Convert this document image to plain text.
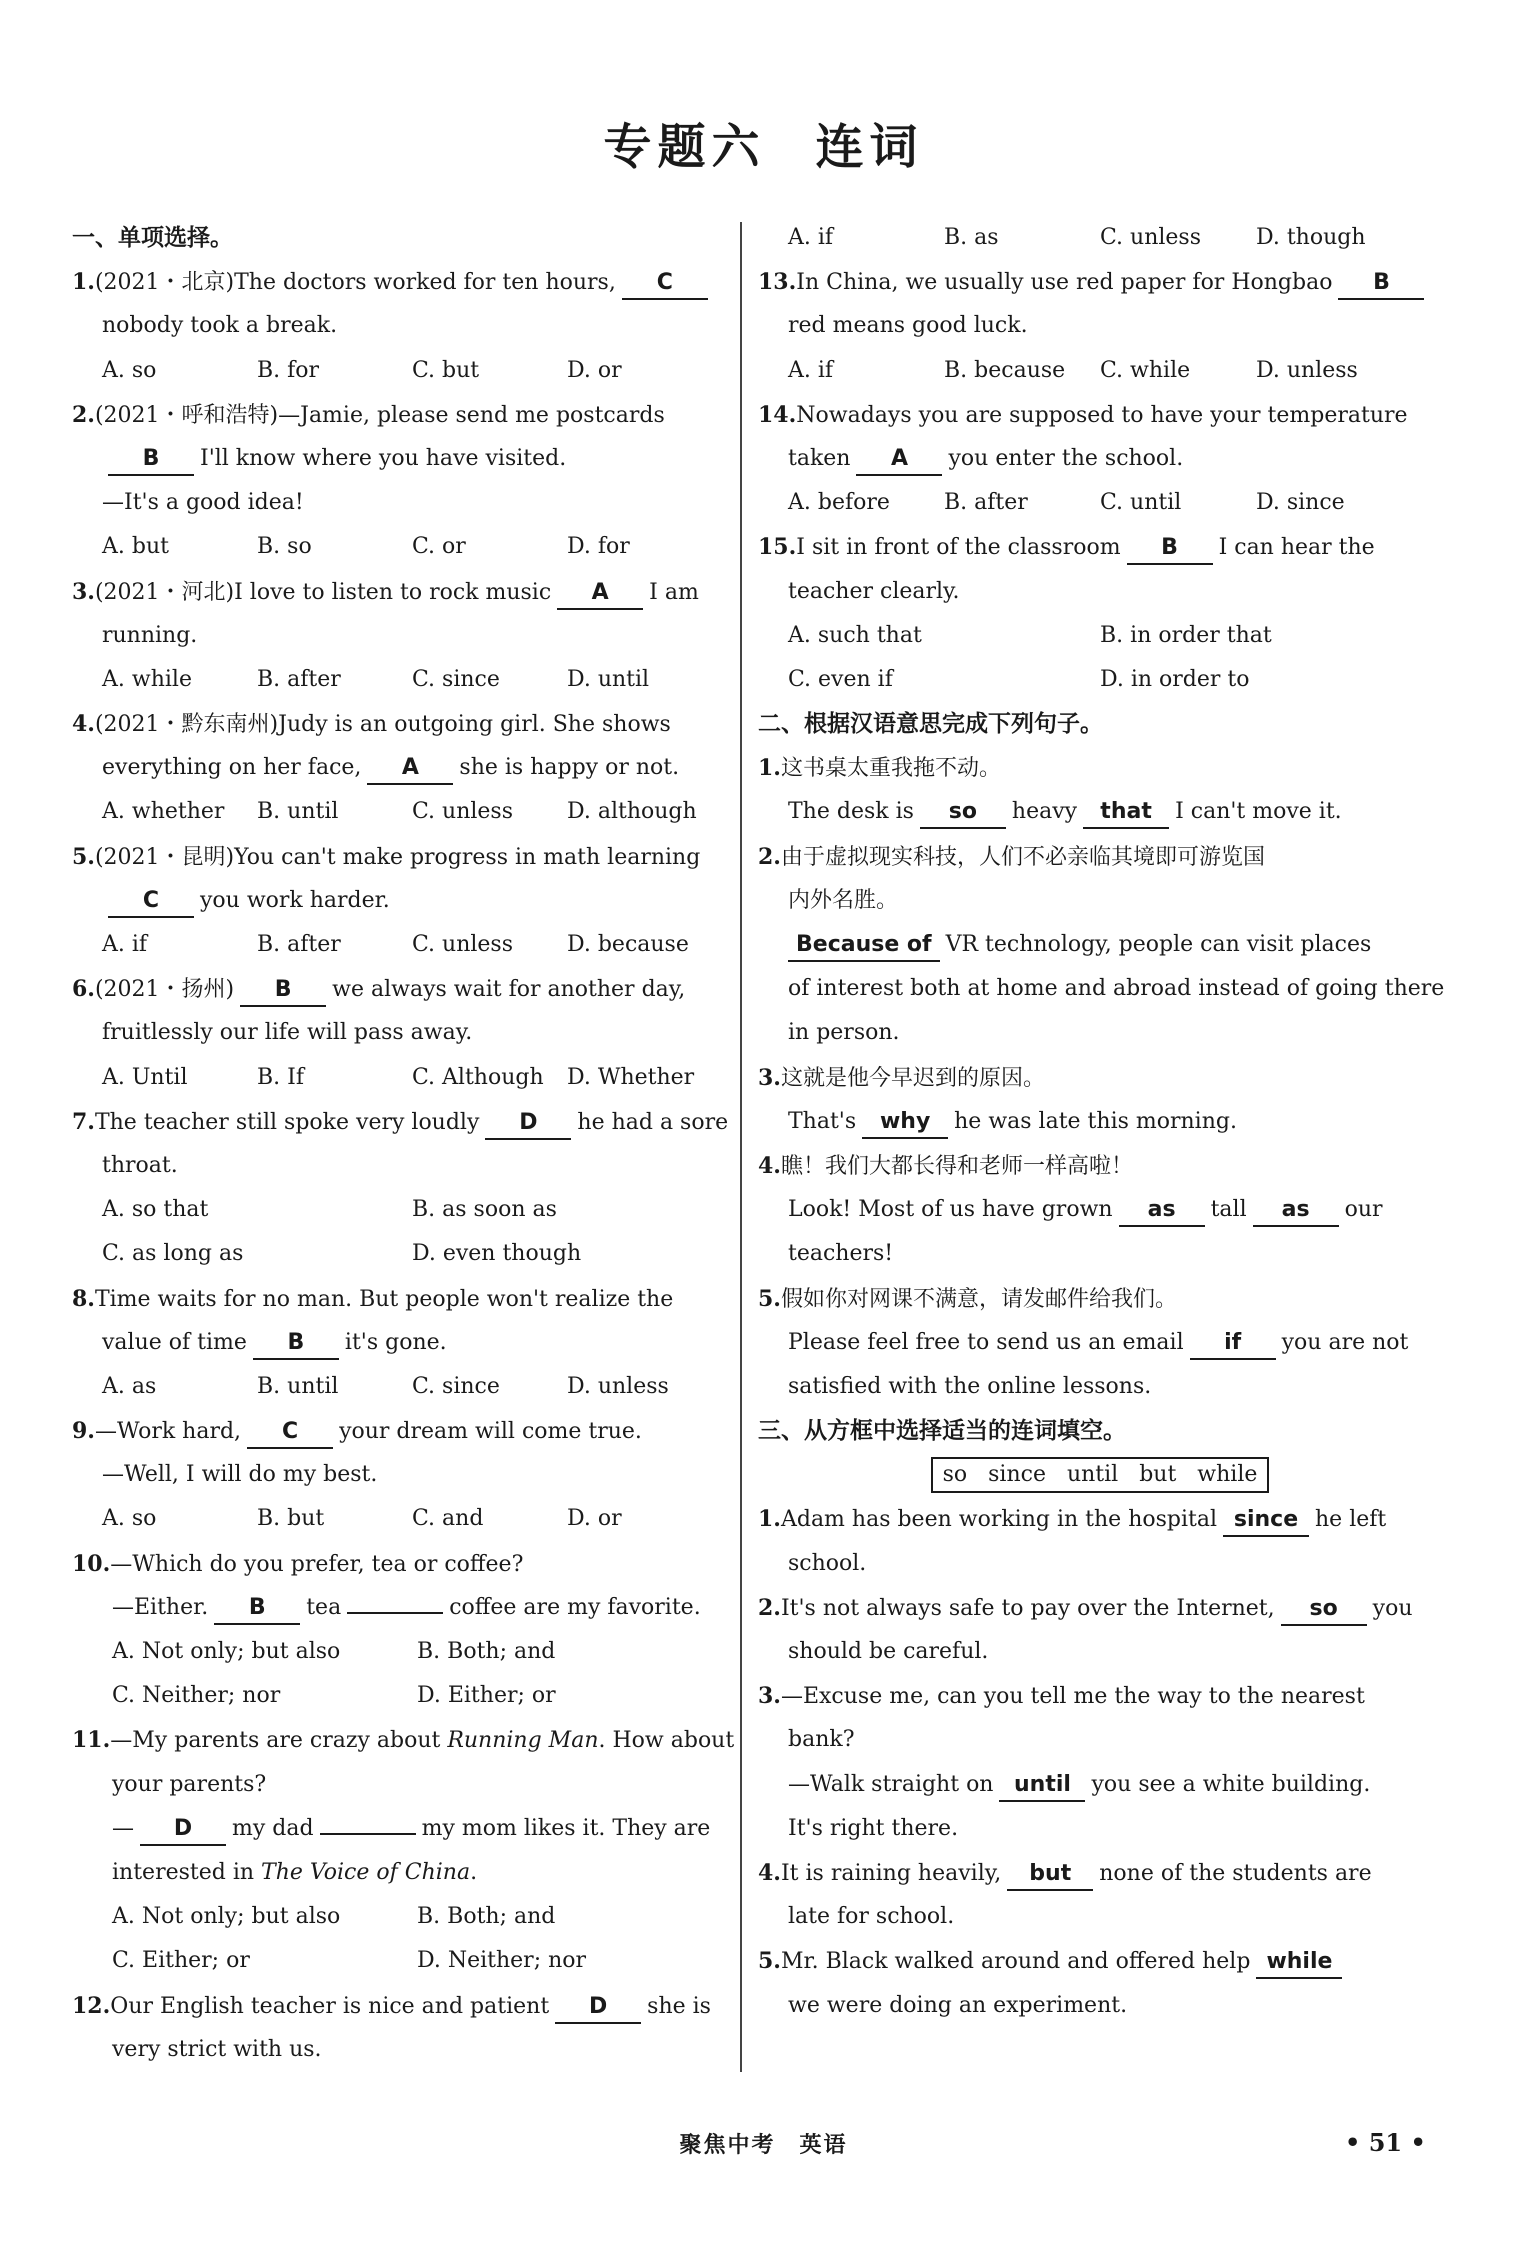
专题六 连词
一、单项选择。
1.(2021・北京)The doctors worked for ten hours, C
nobody took a break.
A. so	B. for	C. but	D. or
2.(2021・呼和浩特)—Jamie, please send me postcards
B I'll know where you have visited.
—It's a good idea!
A. but	B. so	C. or	D. for
3.(2021・河北)I love to listen to rock music A I am
running.
A. while	B. after	C. since	D. until
4.(2021・黔东南州)Judy is an outgoing girl. She shows
everything on her face, A she is happy or not.
A. whether	B. until	C. unless	D. although
5.(2021・昆明)You can't make progress in math learning
C you work harder.
A. if	B. after	C. unless	D. because
6.(2021・扬州) B we always wait for another day,
fruitlessly our life will pass away.
A. Until	B. If	C. Although	D. Whether
7.The teacher still spoke very loudly D he had a sore
throat.
A. so that	B. as soon as
C. as long as	D. even though
8.Time waits for no man. But people won't realize the
value of time B it's gone.
A. as	B. until	C. since	D. unless
9.—Work hard, C your dream will come true.
—Well, I will do my best.
A. so	B. but	C. and	D. or
10.—Which do you prefer, tea or coffee?
—Either. B tea	coffee are my favorite.
A. Not only; but also	B. Both; and
C. Neither; nor	D. Either; or
11.—My parents are crazy about Running Man. How about
your parents?
— D my dad	my mom likes it. They are
interested in The Voice of China.
A. Not only; but also	B. Both; and
C. Either; or	D. Neither; nor
12.Our English teacher is nice and patient D she is
very strict with us.
A. if	B. as	C. unless	D. though
13.In China, we usually use red paper for Hongbao B
red means good luck.
A. if	B. because	C. while	D. unless
14.Nowadays you are supposed to have your temperature
taken A you enter the school.
A. before	B. after	C. until	D. since
15.I sit in front of the classroom B I can hear the
teacher clearly.
A. such that	B. in order that
C. even if	D. in order to
二、根据汉语意思完成下列句子。
1.这书桌太重我拖不动。
The desk is so heavy that I can't move it.
2.由于虚拟现实科技，人们不必亲临其境即可游览国
内外名胜。
Because of VR technology, people can visit places
of interest both at home and abroad instead of going there
in person.
3.这就是他今早迟到的原因。
That's why he was late this morning.
4.瞧！我们大都长得和老师一样高啦！
Look! Most of us have grown as tall as our
teachers!
5.假如你对网课不满意，请发邮件给我们。
Please feel free to send us an email if you are not
satisfied with the online lessons.
三、从方框中选择适当的连词填空。
so since until but while
1.Adam has been working in the hospital since he left
school.
2.It's not always safe to pay over the Internet, so you
should be careful.
3.—Excuse me, can you tell me the way to the nearest
bank?
—Walk straight on until you see a white building.
It's right there.
4.It is raining heavily, but none of the students are
late for school.
5.Mr. Black walked around and offered help while
we were doing an experiment.
聚焦中考　英语	• 51 •
